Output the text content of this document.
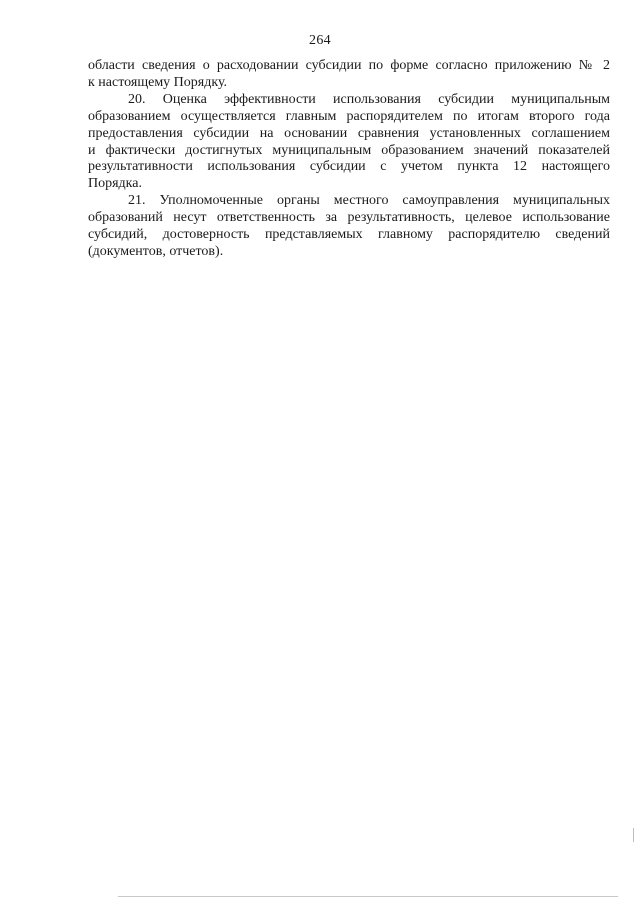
264

области сведения о расходовании субсидии по форме согласно приложению № 2
к настоящему Порядку.

20. Оценка эффективности использования субсидии муниципальным
образованием осуществляется главным распорядителем по итогам второго года
предоставления субсидии на основании сравнения установленных соглашением
и фактически достигнутых муниципальным образованием значений показателей
результативности использования субсидии с учетом пункта 12 настоящего
Порядка.

21. Уполномоченные органы местного самоуправления муниципальных
образований несут ответственность за результативность, целевое использование
субсидий, достоверность представляемых главному распорядителю сведений
(документов, отчетов).
